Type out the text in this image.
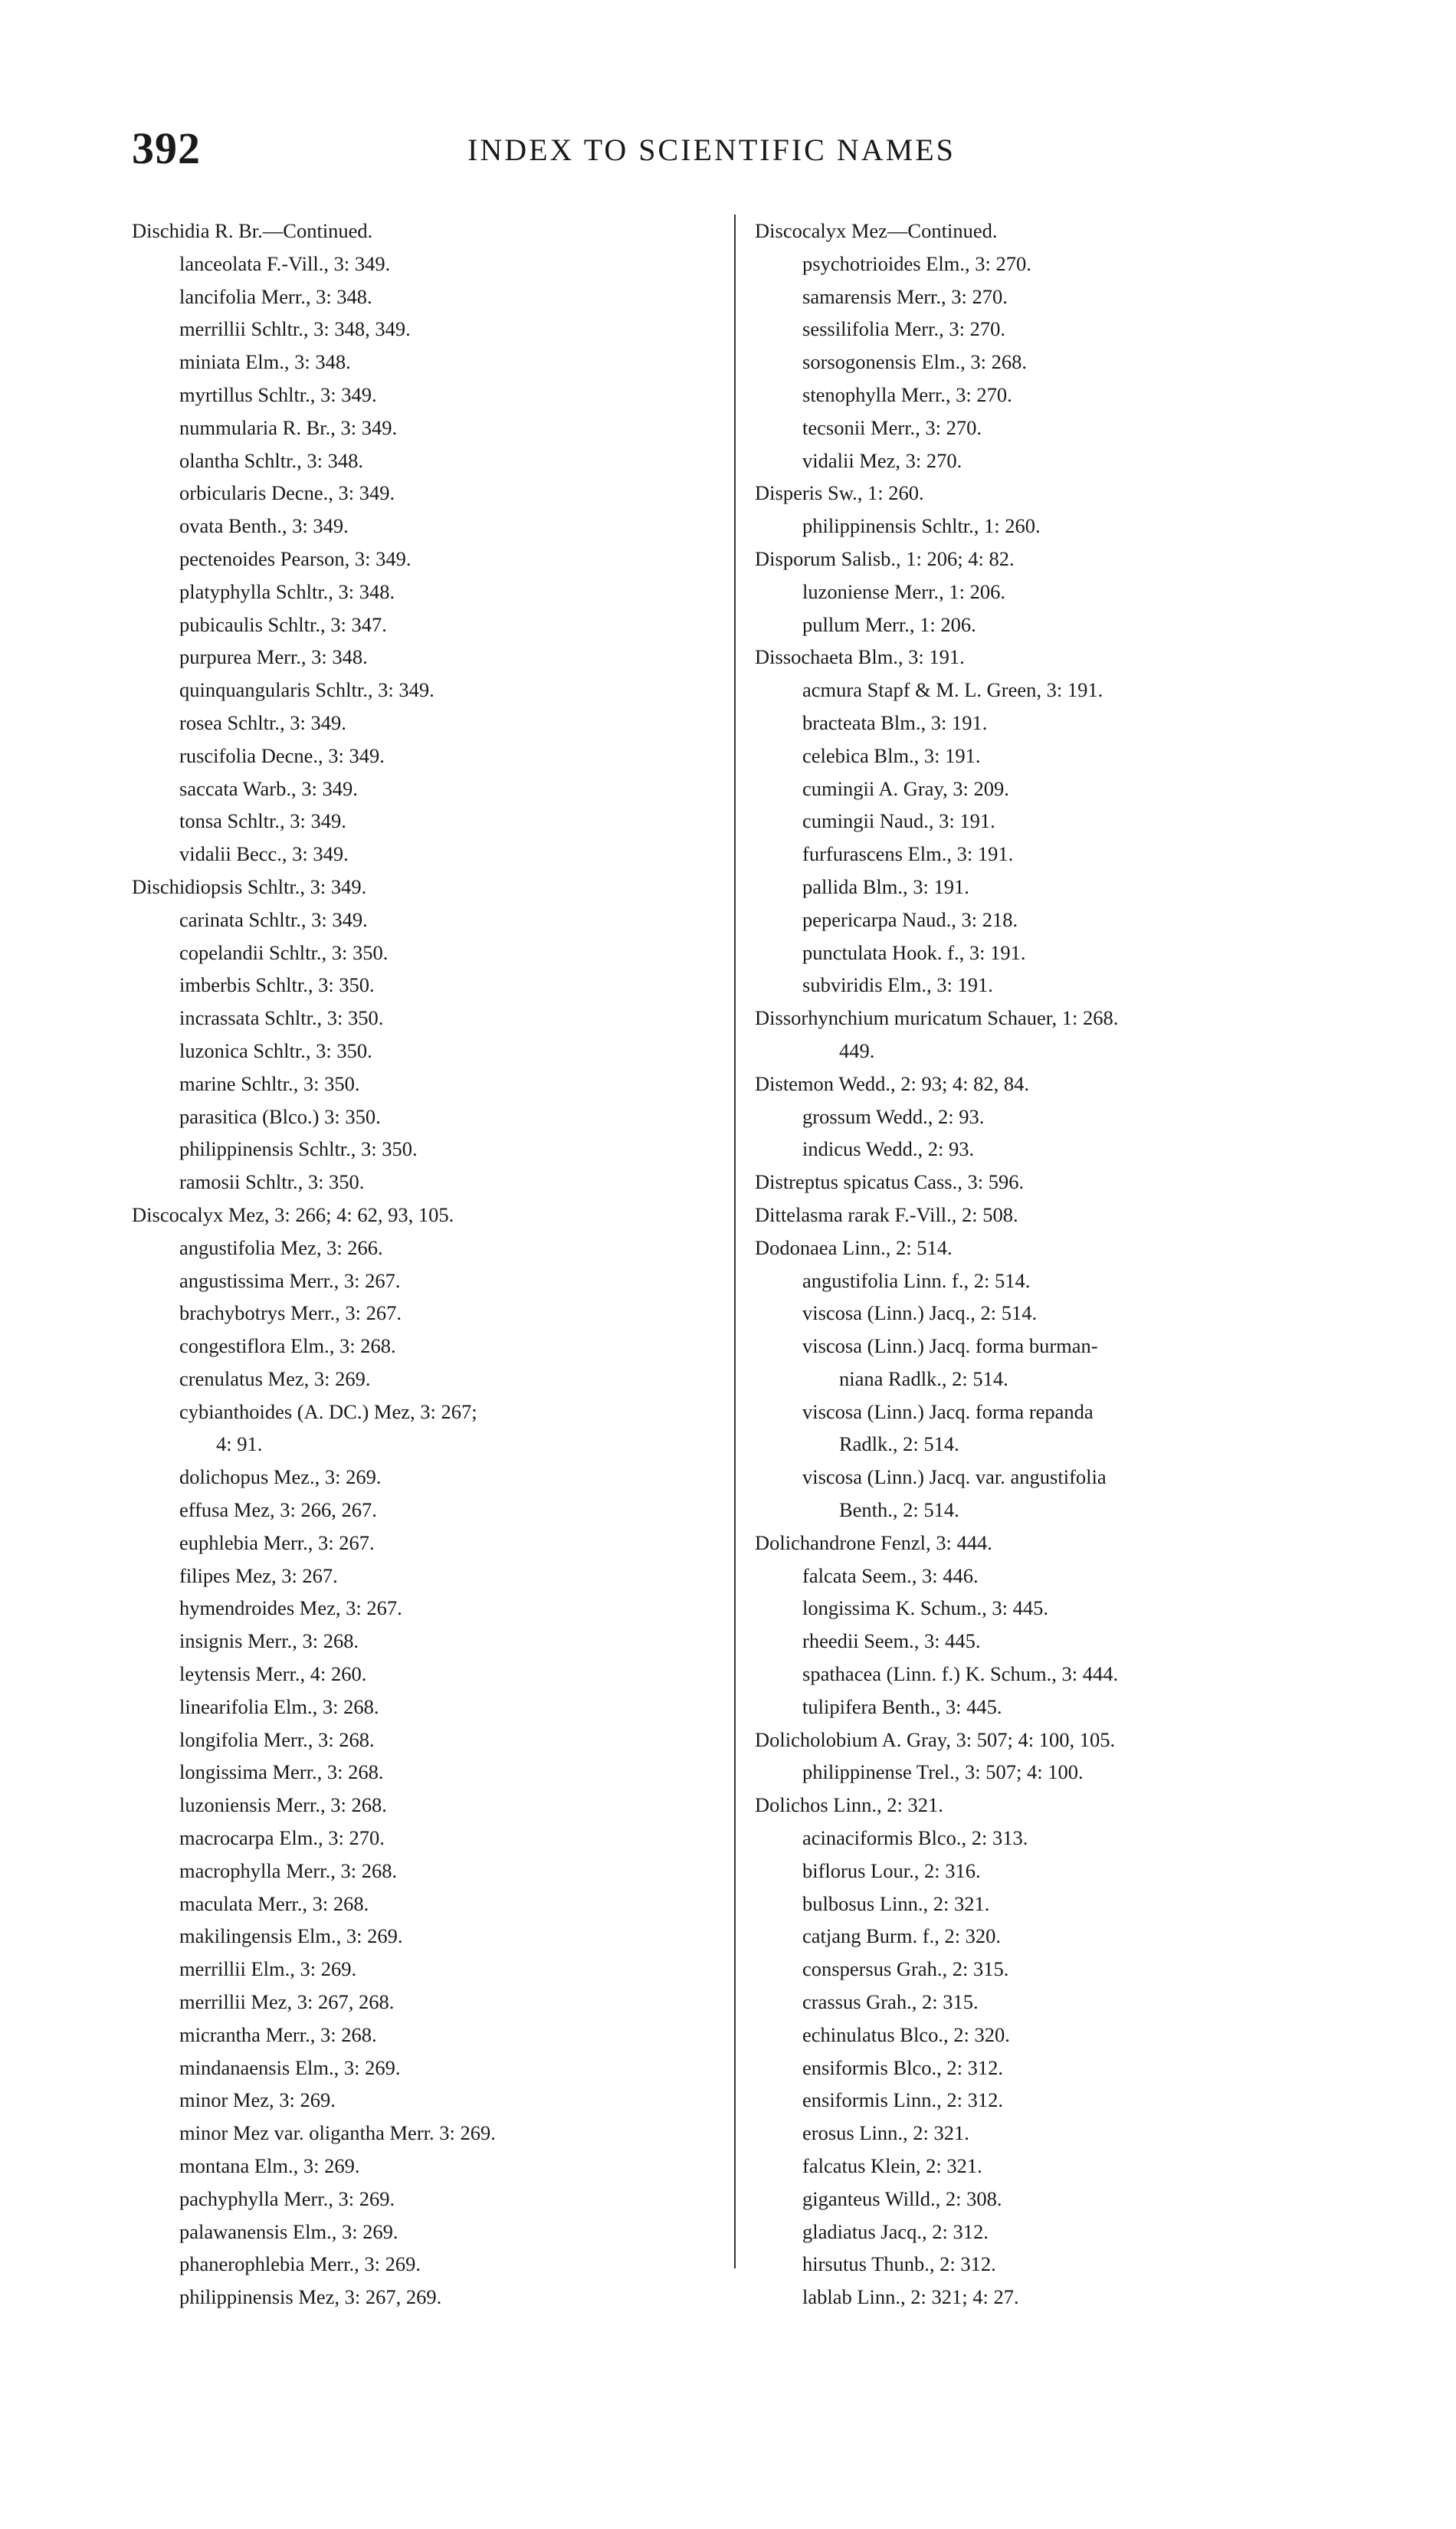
392	INDEX TO SCIENTIFIC NAMES
Dischidia R. Br.—Continued.
lanceolata F.-Vill., 3: 349.
lancifolia Merr., 3: 348.
merrillii Schltr., 3: 348, 349.
miniata Elm., 3: 348.
myrtillus Schltr., 3: 349.
nummularia R. Br., 3: 349.
olantha Schltr., 3: 348.
orbicularis Decne., 3: 349.
ovata Benth., 3: 349.
pectenoides Pearson, 3: 349.
platyphylla Schltr., 3: 348.
pubicaulis Schltr., 3: 347.
purpurea Merr., 3: 348.
quinquangularis Schltr., 3: 349.
rosea Schltr., 3: 349.
ruscifolia Decne., 3: 349.
saccata Warb., 3: 349.
tonsa Schltr., 3: 349.
vidalii Becc., 3: 349.
Dischidiopsis Schltr., 3: 349.
carinata Schltr., 3: 349.
copelandii Schltr., 3: 350.
imberbis Schltr., 3: 350.
incrassata Schltr., 3: 350.
luzonica Schltr., 3: 350.
marine Schltr., 3: 350.
parasitica (Blco.) 3: 350.
philippinensis Schltr., 3: 350.
ramosii Schltr., 3: 350.
Discocalyx Mez, 3: 266; 4: 62, 93, 105.
angustifolia Mez, 3: 266.
angustissima Merr., 3: 267.
brachybotrys Merr., 3: 267.
congestiflora Elm., 3: 268.
crenulatus Mez, 3: 269.
cybianthoides (A. DC.) Mez, 3: 267;
4: 91.
dolichopus Mez., 3: 269.
effusa Mez, 3: 266, 267.
euphlebia Merr., 3: 267.
filipes Mez, 3: 267.
hymendroides Mez, 3: 267.
insignis Merr., 3: 268.
leytensis Merr., 4: 260.
linearifolia Elm., 3: 268.
longifolia Merr., 3: 268.
longissima Merr., 3: 268.
luzoniensis Merr., 3: 268.
macrocarpa Elm., 3: 270.
macrophylla Merr., 3: 268.
maculata Merr., 3: 268.
makilingensis Elm., 3: 269.
merrillii Elm., 3: 269.
merrillii Mez, 3: 267, 268.
micrantha Merr., 3: 268.
mindanaensis Elm., 3: 269.
minor Mez, 3: 269.
minor Mez var. oligantha Merr. 3: 269.
montana Elm., 3: 269.
pachyphylla Merr., 3: 269.
palawanensis Elm., 3: 269.
phanerophlebia Merr., 3: 269.
philippinensis Mez, 3: 267, 269.
Discocalyx Mez—Continued.
psychotrioides Elm., 3: 270.
samarensis Merr., 3: 270.
sessilifolia Merr., 3: 270.
sorsogonensis Elm., 3: 268.
stenophylla Merr., 3: 270.
tecsonii Merr., 3: 270.
vidalii Mez, 3: 270.
Disperis Sw., 1: 260.
philippinensis Schltr., 1: 260.
Disporum Salisb., 1: 206; 4: 82.
luzoniense Merr., 1: 206.
pullum Merr., 1: 206.
Dissochaeta Blm., 3: 191.
acmura Stapf & M. L. Green, 3: 191.
bracteata Blm., 3: 191.
celebica Blm., 3: 191.
cumingii A. Gray, 3: 209.
cumingii Naud., 3: 191.
furfurascens Elm., 3: 191.
pallida Blm., 3: 191.
pepericarpa Naud., 3: 218.
punctulata Hook. f., 3: 191.
subviridis Elm., 3: 191.
Dissorhynchium muricatum Schauer, 1: 268.
449.
Distemon Wedd., 2: 93; 4: 82, 84.
grossum Wedd., 2: 93.
indicus Wedd., 2: 93.
Distreptus spicatus Cass., 3: 596.
Dittelasma rarak F.-Vill., 2: 508.
Dodonaea Linn., 2: 514.
angustifolia Linn. f., 2: 514.
viscosa (Linn.) Jacq., 2: 514.
viscosa (Linn.) Jacq. forma burman-
niana Radlk., 2: 514.
viscosa (Linn.) Jacq. forma repanda
Radlk., 2: 514.
viscosa (Linn.) Jacq. var. angustifolia
Benth., 2: 514.
Dolichandrone Fenzl, 3: 444.
falcata Seem., 3: 446.
longissima K. Schum., 3: 445.
rheedii Seem., 3: 445.
spathacea (Linn. f.) K. Schum., 3: 444.
tulipifera Benth., 3: 445.
Dolicholobium A. Gray, 3: 507; 4: 100, 105.
philippinense Trel., 3: 507; 4: 100.
Dolichos Linn., 2: 321.
acinaciformis Blco., 2: 313.
biflorus Lour., 2: 316.
bulbosus Linn., 2: 321.
catjang Burm. f., 2: 320.
conspersus Grah., 2: 315.
crassus Grah., 2: 315.
echinulatus Blco., 2: 320.
ensiformis Blco., 2: 312.
ensiformis Linn., 2: 312.
erosus Linn., 2: 321.
falcatus Klein, 2: 321.
giganteus Willd., 2: 308.
gladiatus Jacq., 2: 312.
hirsutus Thunb., 2: 312.
lablab Linn., 2: 321; 4: 27.
